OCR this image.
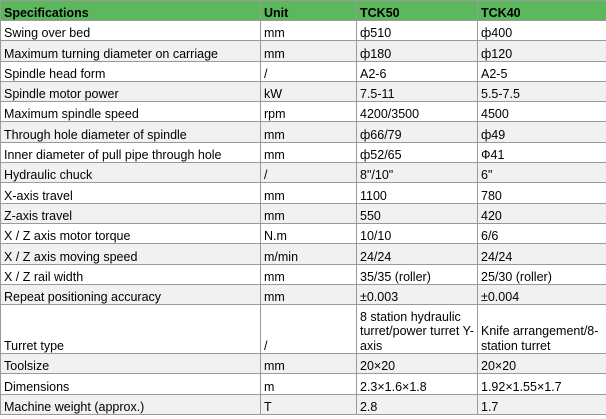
Specifications	Unit	TCK50	TCK40
Swing over bed	mm	ф510	ф400
Maximum turning diameter on carriage	mm	ф180	ф120
Spindle head form	/	A2-6	A2-5
Spindle motor power	kW	7.5-11	5.5-7.5
Maximum spindle speed	rpm	4200/3500	4500
Through hole diameter of spindle	mm	ф66/79	ф49
Inner diameter of pull pipe through hole	mm	ф52/65	Ф41
Hydraulic chuck	/	8"/10"	6"
X-axis travel	mm	1100	780
Z-axis travel	mm	550	420
X / Z axis motor torque	N.m	10/10	6/6
X / Z axis moving speed	m/min	24/24	24/24
X / Z rail width	mm	35/35 (roller)	25/30 (roller)
Repeat positioning accuracy	mm	±0.003	±0.004
Turret type	/	8 station hydraulic turret/power turret Y-axis	Knife arrangement/8-station turret
Toolsize	mm	20×20	20×20
Dimensions	m	2.3×1.6×1.8	1.92×1.55×1.7
Machine weight (approx.)	T	2.8	1.7
